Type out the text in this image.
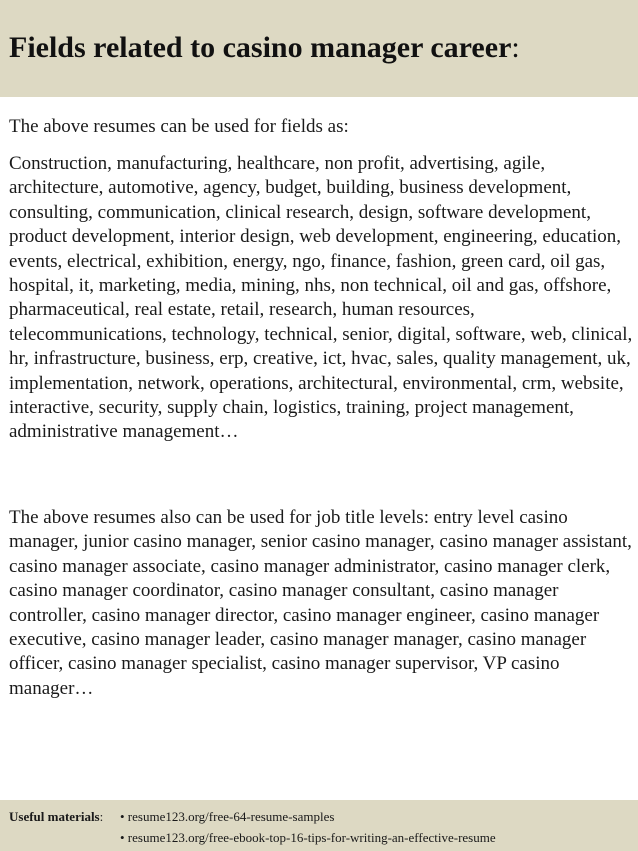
Fields related to casino manager career:

The above resumes can be used for fields as:

Construction, manufacturing, healthcare, non profit, advertising, agile, architecture, automotive, agency, budget, building, business development, consulting, communication, clinical research, design, software development, product development, interior design, web development, engineering, education, events, electrical, exhibition, energy, ngo, finance, fashion, green card, oil gas, hospital, it, marketing, media, mining, nhs, non technical, oil and gas, offshore, pharmaceutical, real estate, retail, research, human resources, telecommunications, technology, technical, senior, digital, software, web, clinical, hr, infrastructure, business, erp, creative, ict, hvac, sales, quality management, uk, implementation, network, operations, architectural, environmental, crm, website, interactive, security, supply chain, logistics, training, project management, administrative management…

The above resumes also can be used for job title levels: entry level casino manager, junior casino manager, senior casino manager, casino manager assistant, casino manager associate, casino manager administrator, casino manager clerk, casino manager coordinator, casino manager consultant, casino manager controller, casino manager director, casino manager engineer, casino manager executive, casino manager leader, casino manager manager, casino manager officer, casino manager specialist, casino manager supervisor, VP casino manager…

Useful materials: • resume123.org/free-64-resume-samples
• resume123.org/free-ebook-top-16-tips-for-writing-an-effective-resume
